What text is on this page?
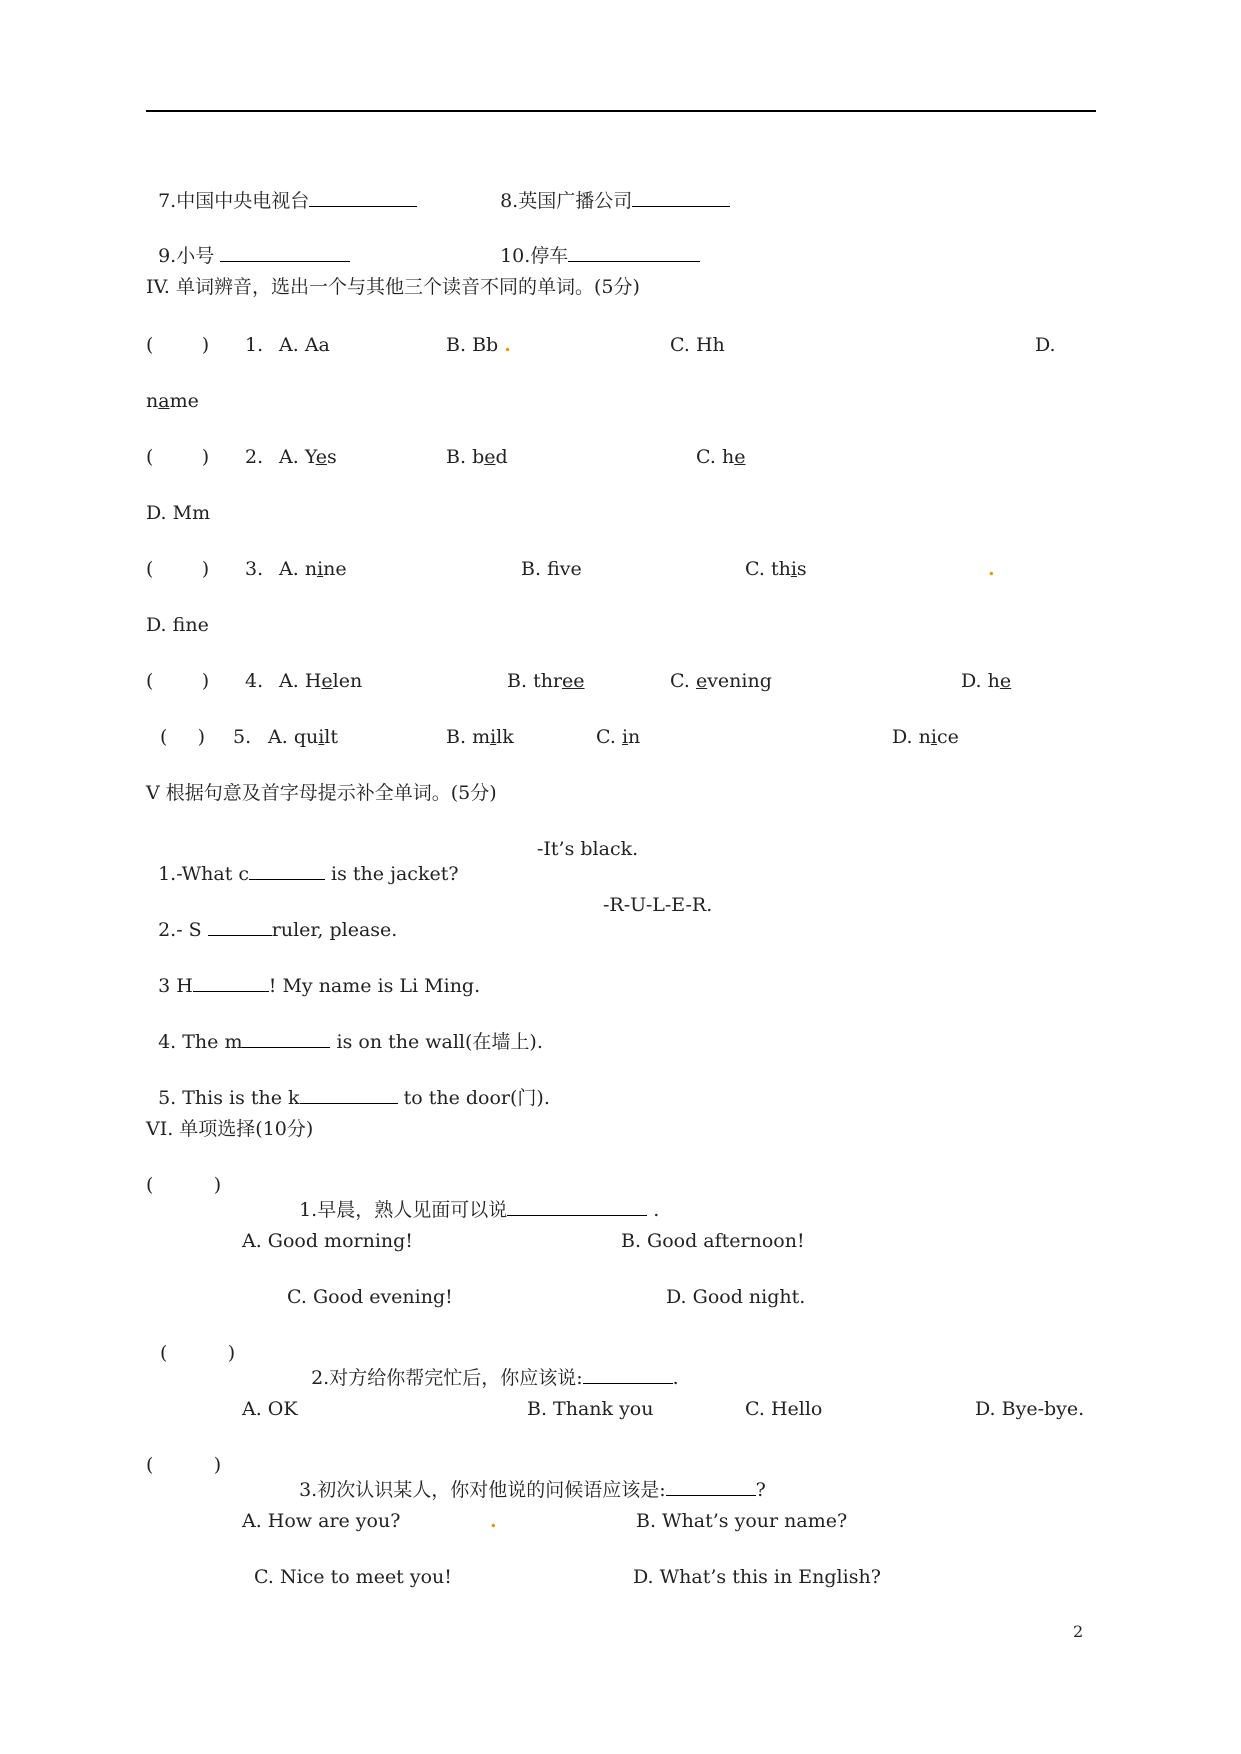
7.中国中央电视台	8.英国广播公司

9.小号	10.停车

IV. 单词辨音，选出一个与其他三个读音不同的单词。(5分)
(        ) 1. A. Aa	B. Bb .	C. Hh	D.
name
(        ) 2. A. Yes	B. bed	C. he
D. Mm
(        ) 3. A. nine	B. fve	C. this	.
D. fne
(        ) 4. A. Helen	B. three	C. evening	D. he
(     ) 5. A. quilt	B. milk	C. in	D. nice
V 根据句意及首字母提示补全单词。(5分)

1.-What c	is the jacket?

-It’s black.

2.- S	ruler, please.

-R-U-L-E-R.

3 H	! My name is Li Ming.

4. The m	is on the wall(在墙上).

5. This is the k	to the door(门).

VI. 单项选择(10分)
(          )

1.早晨，熟人见面可以说	.

A. Good morning!	B. Good afternoon!
C. Good evening!	D. Good night.
(          )

2.对方给你帮完忙后，你应该说:	.

A. OK	B. Thank you	C. Hello	D. Bye-bye.
(          )

3.初次认识某人，你对他说的问候语应该是:	?

A. How are you?	.	B. What’s your name?
C. Nice to meet you!	D. What’s this in English?
2
